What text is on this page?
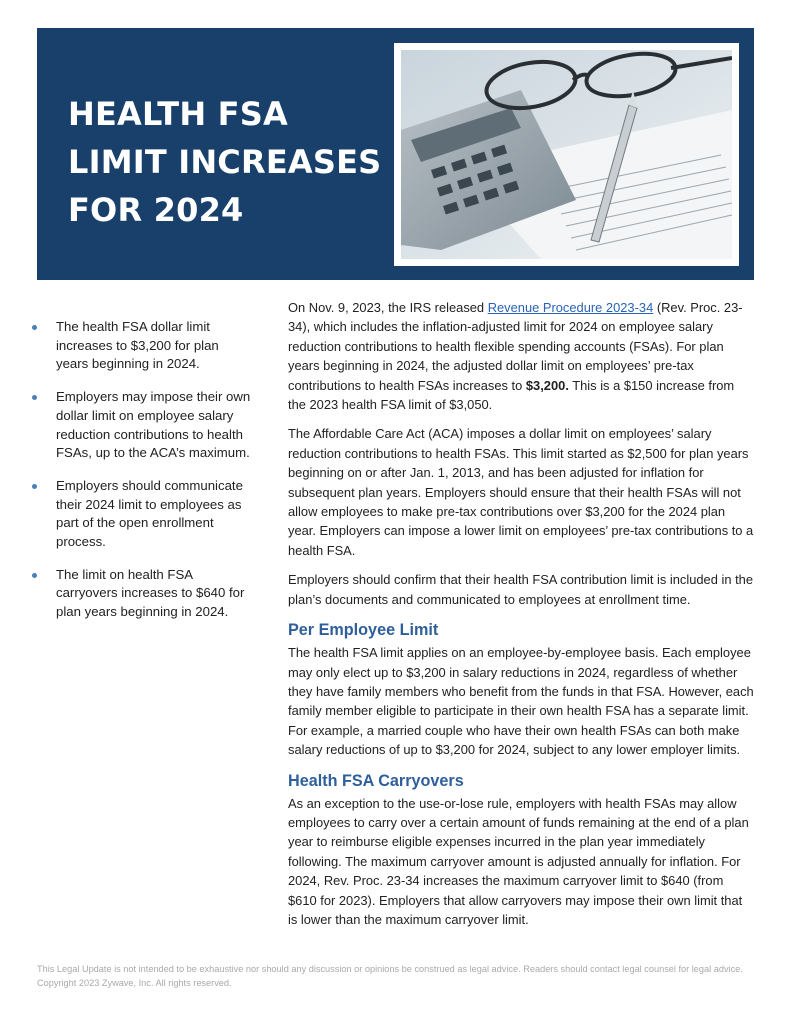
HEALTH FSA
LIMIT INCREASES
FOR 2024
The health FSA dollar limit increases to $3,200 for plan years beginning in 2024.
Employers may impose their own dollar limit on employee salary reduction contributions to health FSAs, up to the ACA’s maximum.
Employers should communicate their 2024 limit to employees as part of the open enrollment process.
The limit on health FSA carryovers increases to $640 for plan years beginning in 2024.

On Nov. 9, 2023, the IRS released Revenue Procedure 2023-34 (Rev. Proc. 23-34), which includes the inflation-adjusted limit for 2024 on employee salary reduction contributions to health flexible spending accounts (FSAs). For plan years beginning in 2024, the adjusted dollar limit on employees’ pre-tax contributions to health FSAs increases to $3,200. This is a $150 increase from the 2023 health FSA limit of $3,050.

The Affordable Care Act (ACA) imposes a dollar limit on employees’ salary reduction contributions to health FSAs. This limit started as $2,500 for plan years beginning on or after Jan. 1, 2013, and has been adjusted for inflation for subsequent plan years. Employers should ensure that their health FSAs will not allow employees to make pre-tax contributions over $3,200 for the 2024 plan year. Employers can impose a lower limit on employees’ pre-tax contributions to a health FSA.

Employers should confirm that their health FSA contribution limit is included in the plan’s documents and communicated to employees at enrollment time.

Per Employee Limit

The health FSA limit applies on an employee-by-employee basis. Each employee may only elect up to $3,200 in salary reductions in 2024, regardless of whether they have family members who benefit from the funds in that FSA. However, each family member eligible to participate in their own health FSA has a separate limit. For example, a married couple who have their own health FSAs can both make salary reductions of up to $3,200 for 2024, subject to any lower employer limits.

Health FSA Carryovers

As an exception to the use-or-lose rule, employers with health FSAs may allow employees to carry over a certain amount of funds remaining at the end of a plan year to reimburse eligible expenses incurred in the plan year immediately following. The maximum carryover amount is adjusted annually for inflation. For 2024, Rev. Proc. 23-34 increases the maximum carryover limit to $640 (from $610 for 2023). Employers that allow carryovers may impose their own limit that is lower than the maximum carryover limit.

This Legal Update is not intended to be exhaustive nor should any discussion or opinions be construed as legal advice. Readers should contact legal counsel for legal advice. Copyright 2023 Zywave, Inc. All rights reserved.
